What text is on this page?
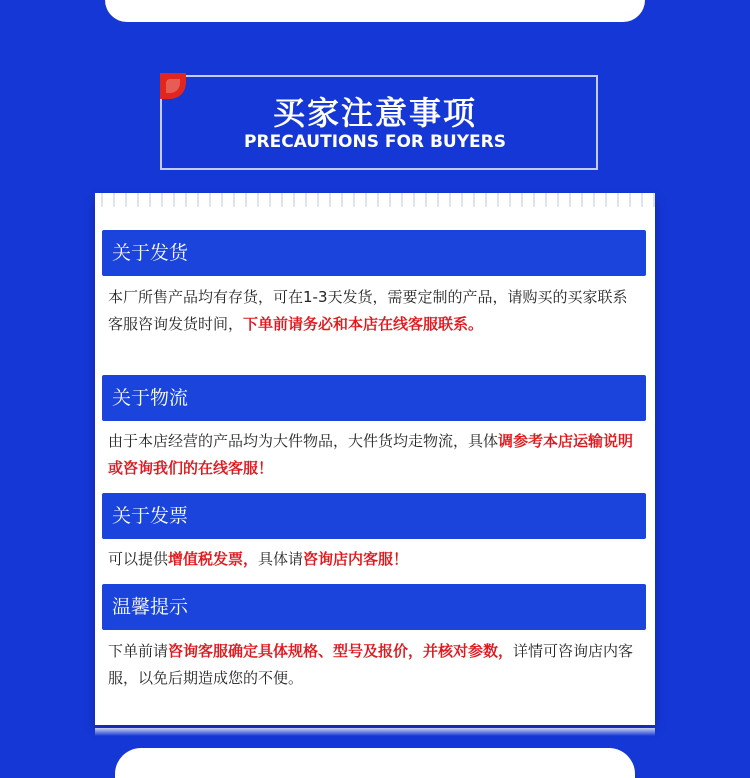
买家注意事项
PRECAUTIONS FOR BUYERS
关于发货
本厂所售产品均有存货，可在1-3天发货，需要定制的产品，请购买的买家联系客服咨询发货时间，下单前请务必和本店在线客服联系。
关于物流
由于本店经营的产品均为大件物品，大件货均走物流，具体调参考本店运输说明或咨询我们的在线客服！
关于发票
可以提供增值税发票，具体请咨询店内客服！
温馨提示
下单前请咨询客服确定具体规格、型号及报价，并核对参数，详情可咨询店内客服，以免后期造成您的不便。
